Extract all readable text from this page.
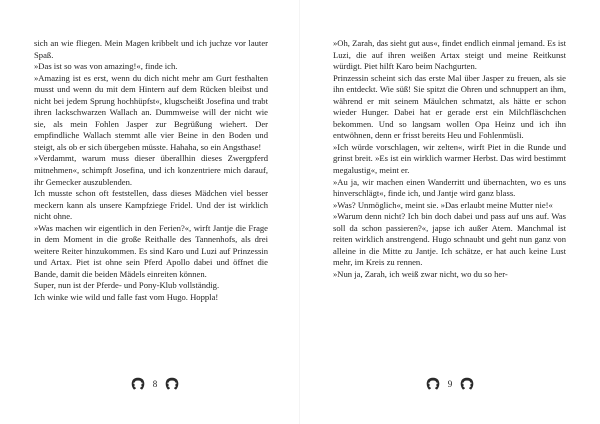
sich an wie fliegen. Mein Magen kribbelt und ich juchze vor lauter Spaß.

»Das ist so was von amazing!«, finde ich.

»Amazing ist es erst, wenn du dich nicht mehr am Gurt festhalten musst und wenn du mit dem Hintern auf dem Rücken bleibst und nicht bei jedem Sprung hochhüpfst«, klugscheißt Josefina und trabt ihren lackschwarzen Wallach an. Dummweise will der nicht wie sie, als mein Fohlen Jasper zur Begrüßung wiehert. Der empfindliche Wallach stemmt alle vier Beine in den Boden und steigt, als ob er sich übergeben müsste. Hahaha, so ein Angsthase!

»Verdammt, warum muss dieser überallhin dieses Zwergpferd mitnehmen«, schimpft Josefina, und ich konzentriere mich darauf, ihr Gemecker auszublenden.

Ich musste schon oft feststellen, dass dieses Mädchen viel besser meckern kann als unsere Kampfziege Fridel. Und der ist wirklich nicht ohne.

»Was machen wir eigentlich in den Ferien?«, wirft Jantje die Frage in dem Moment in die große Reithalle des Tannenhofs, als drei weitere Reiter hinzukommen. Es sind Karo und Luzi auf Prinzessin und Artax. Piet ist ohne sein Pferd Apollo dabei und öffnet die Bande, damit die beiden Mädels einreiten können.

Super, nun ist der Pferde- und Pony-Klub vollständig.

Ich winke wie wild und falle fast vom Hugo. Hoppla!

8

»Oh, Zarah, das sieht gut aus«, findet endlich einmal jemand. Es ist Luzi, die auf ihren weißen Artax steigt und meine Reitkunst würdigt. Piet hilft Karo beim Nachgurten.

Prinzessin scheint sich das erste Mal über Jasper zu freuen, als sie ihn entdeckt. Wie süß! Sie spitzt die Ohren und schnuppert an ihm, während er mit seinem Mäulchen schmatzt, als hätte er schon wieder Hunger. Dabei hat er gerade erst ein Milchfläschchen bekommen. Und so langsam wollen Opa Heinz und ich ihn entwöhnen, denn er frisst bereits Heu und Fohlenmüsli.

»Ich würde vorschlagen, wir zelten«, wirft Piet in die Runde und grinst breit. »Es ist ein wirklich warmer Herbst. Das wird bestimmt megalustig«, meint er.

»Au ja, wir machen einen Wanderritt und übernachten, wo es uns hinverschlägt«, finde ich, und Jantje wird ganz blass.

»Was? Unmöglich«, meint sie. »Das erlaubt meine Mutter nie!«

»Warum denn nicht? Ich bin doch dabei und pass auf uns auf. Was soll da schon passieren?«, japse ich außer Atem. Manchmal ist reiten wirklich anstrengend. Hugo schnaubt und geht nun ganz von alleine in die Mitte zu Jantje. Ich schätze, er hat auch keine Lust mehr, im Kreis zu rennen.

»Nun ja, Zarah, ich weiß zwar nicht, wo du so her-

9
